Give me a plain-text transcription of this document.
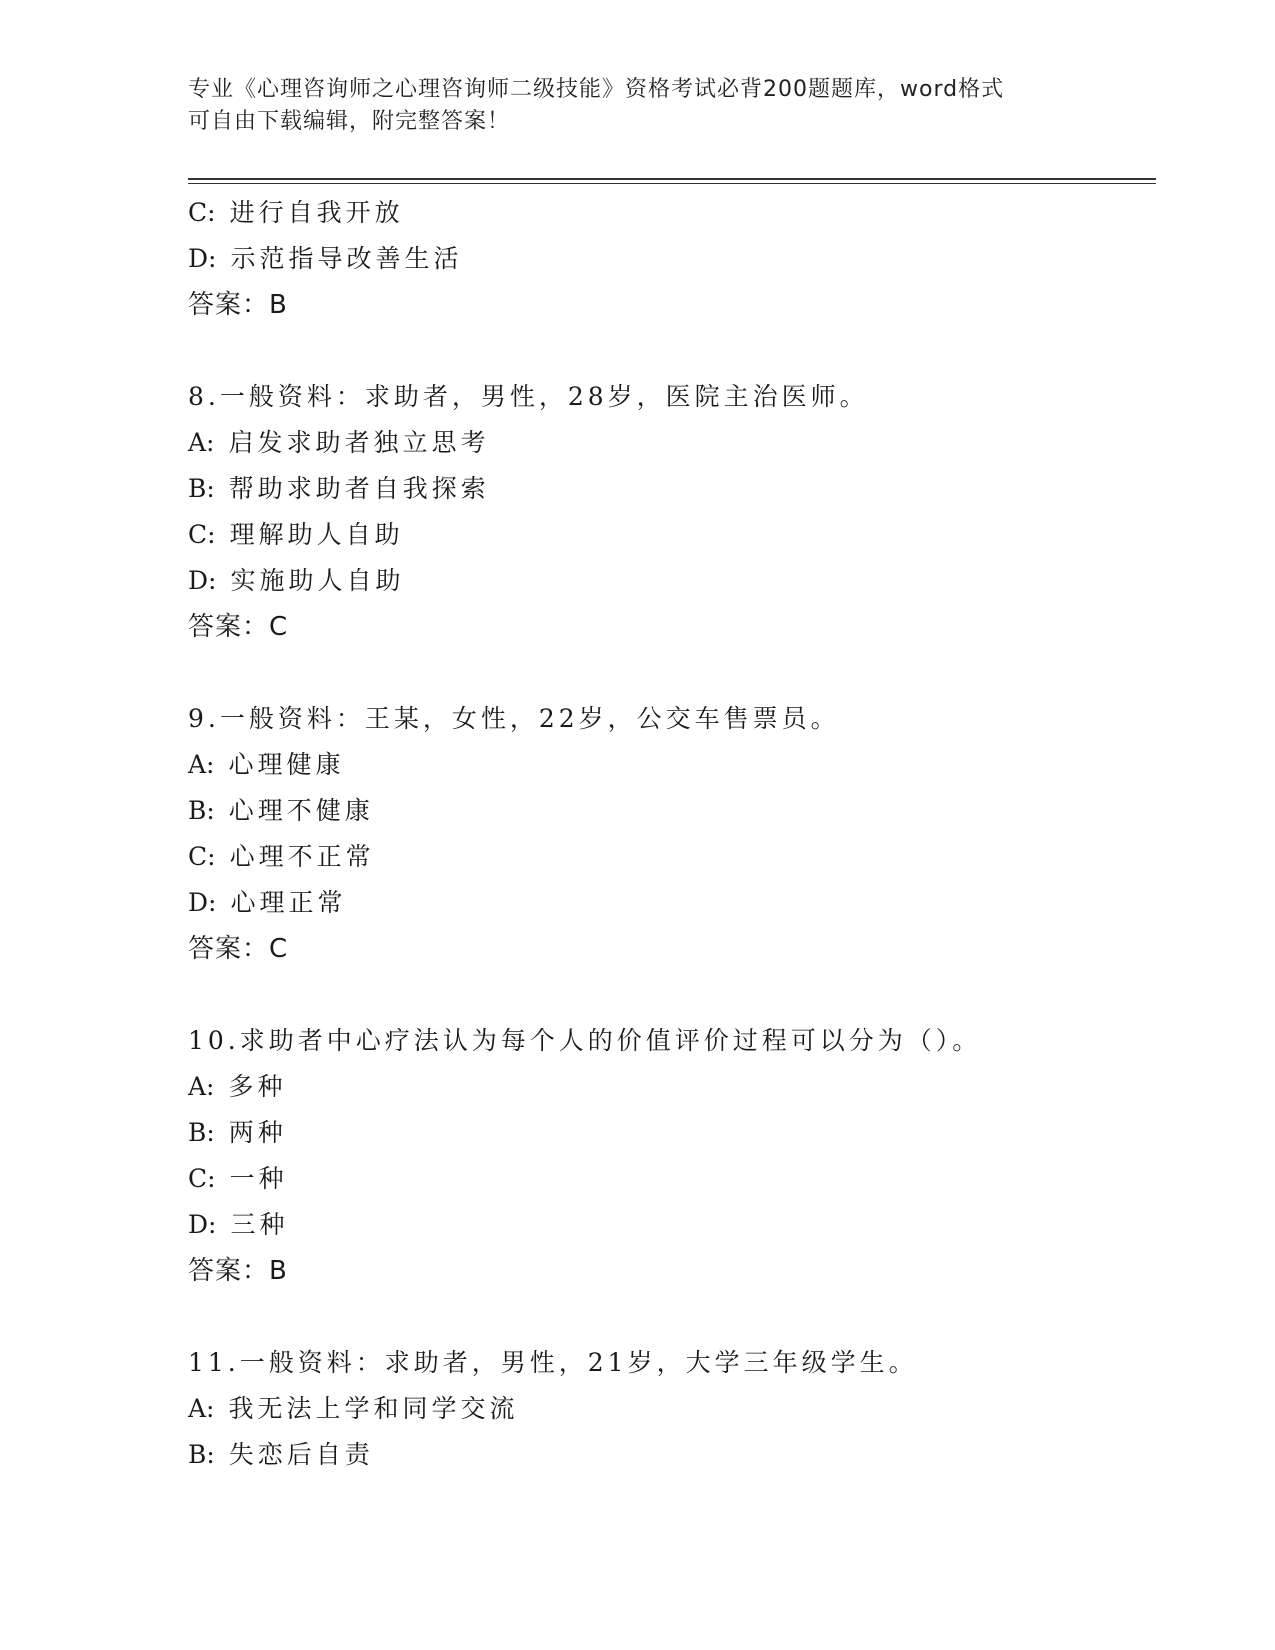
专业《心理咨询师之心理咨询师二级技能》资格考试必背200题题库，word格式
可自由下载编辑，附完整答案！
C: 进行自我开放
D: 示范指导改善生活
答案：B
8.一般资料：求助者，男性，28岁，医院主治医师。
A: 启发求助者独立思考
B: 帮助求助者自我探索
C: 理解助人自助
D: 实施助人自助
答案：C
9.一般资料：王某，女性，22岁，公交车售票员。
A: 心理健康
B: 心理不健康
C: 心理不正常
D: 心理正常
答案：C
10.求助者中心疗法认为每个人的价值评价过程可以分为（）。
A: 多种
B: 两种
C: 一种
D: 三种
答案：B
11.一般资料：求助者，男性，21岁，大学三年级学生。
A: 我无法上学和同学交流
B: 失恋后自责
